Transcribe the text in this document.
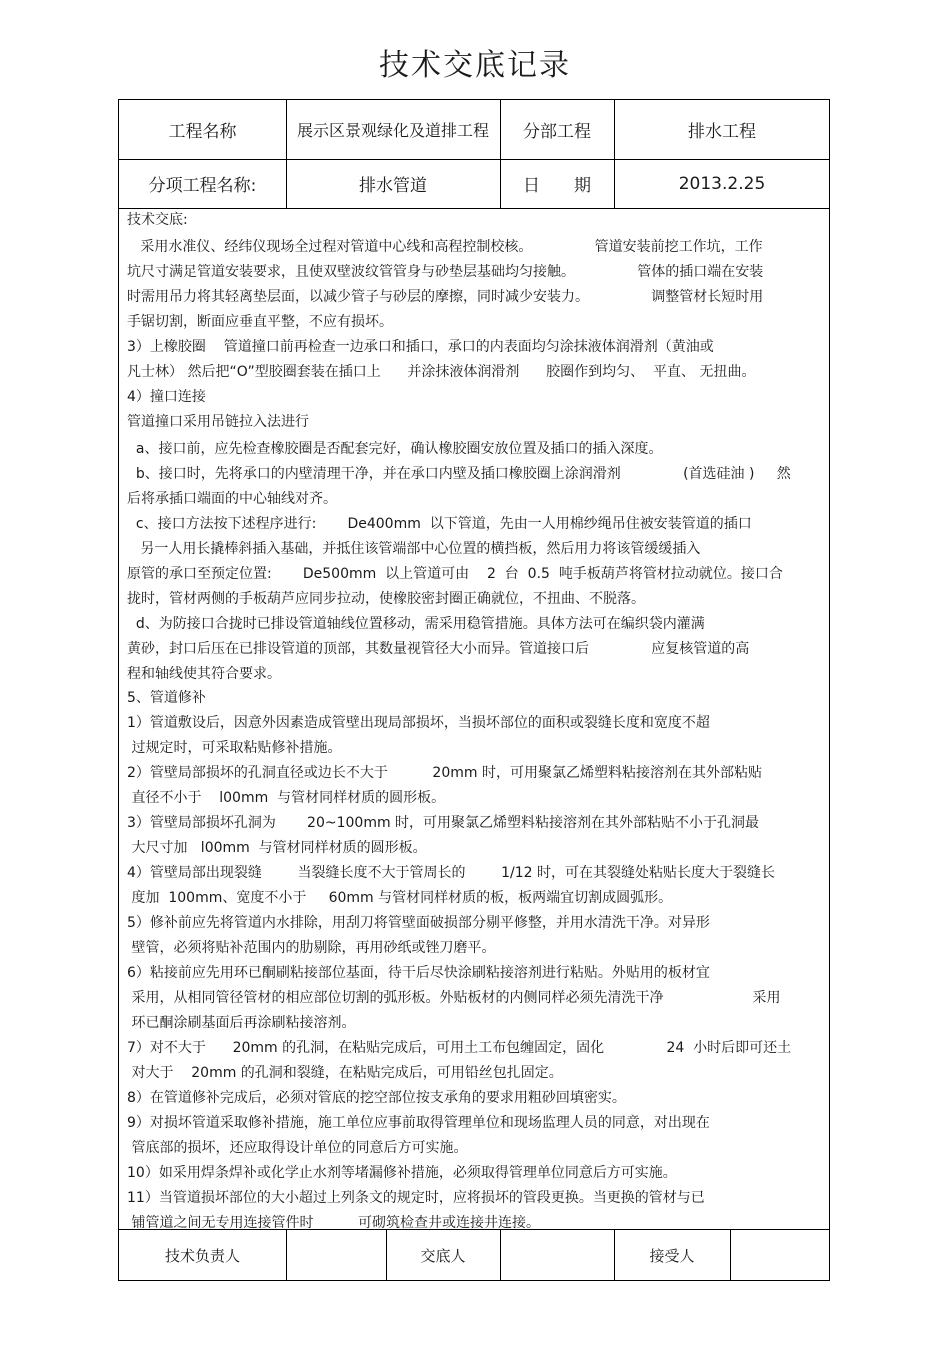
技术交底记录
工程名称	展示区景观绿化及道排工程	分部工程	排水工程
分项工程名称:	排水管道	日　　期	2013.2.25
技术交底:
采用水准仪、经纬仪现场全过程对管道中心线和高程控制校核。              管道安装前挖工作坑，工作
坑尺寸满足管道安装要求，且使双壁波纹管管身与砂垫层基础均匀接触。              管体的插口端在安装
时需用吊力将其轻离垫层面，以减少管子与砂层的摩擦，同时减少安装力。              调整管材长短时用
手锯切割，断面应垂直平整，不应有损坏。
3）上橡胶圈    管道撞口前再检查一边承口和插口，承口的内表面均匀涂抹液体润滑剂（黄油或
凡士林） 然后把“O”型胶圈套装在插口上      并涂抹液体润滑剂      胶圈作到均匀、  平直、 无扭曲。
4）撞口连接
管道撞口采用吊链拉入法进行
a、接口前，应先检查橡胶圈是否配套完好，确认橡胶圈安放位置及插口的插入深度。
b、接口时，先将承口的内壁清理干净，并在承口内壁及插口橡胶圈上涂润滑剂              (首选硅油 )     然
后将承插口端面的中心轴线对齐。
c、接口方法按下述程序进行:       De400mm  以下管道，先由一人用棉纱绳吊住被安装管道的插口
另一人用长撬棒斜插入基础，并抵住该管端部中心位置的横挡板，然后用力将该管缓缓插入
原管的承口至预定位置:       De500mm  以上管道可由    2  台  0.5  吨手板葫芦将管材拉动就位。接口合
拢时，管材两侧的手板葫芦应同步拉动，使橡胶密封圈正确就位，不扭曲、不脱落。
d、为防接口合拢时已排设管道轴线位置移动，需采用稳管措施。具体方法可在编织袋内灌满
黄砂，封口后压在已排设管道的顶部，其数量视管径大小而异。管道接口后              应复核管道的高
程和轴线使其符合要求。
5、管道修补
1）管道敷设后，因意外因素造成管壁出现局部损坏，当损坏部位的面积或裂缝长度和宽度不超
过规定时，可采取粘贴修补措施。
2）管壁局部损坏的孔洞直径或边长不大于          20mm 时，可用聚氯乙烯塑料粘接溶剂在其外部粘贴
直径不小于    l00mm  与管材同样材质的圆形板。
3）管壁局部损坏孔洞为       20~100mm 时，可用聚氯乙烯塑料粘接溶剂在其外部粘贴不小于孔洞最
大尺寸加   l00mm  与管材同样材质的圆形板。
4）管壁局部出现裂缝        当裂缝长度不大于管周长的        1/12 时，可在其裂缝处粘贴长度大于裂缝长
度加  100mm、宽度不小于     60mm 与管材同样材质的板，板两端宜切割成圆弧形。
5）修补前应先将管道内水排除，用刮刀将管壁面破损部分剔平修整，并用水清洗干净。对异形
壁管，必须将贴补范围内的肋剔除，再用砂纸或锉刀磨平。
6）粘接前应先用环已酮刷粘接部位基面，待干后尽快涂刷粘接溶剂进行粘贴。外贴用的板材宜
采用，从相同管径管材的相应部位切割的弧形板。外贴板材的内侧同样必须先清洗干净                    采用
环已酮涂刷基面后再涂刷粘接溶剂。
7）对不大于      20mm 的孔洞，在粘贴完成后，可用土工布包缠固定，固化              24  小时后即可还土
对大于    20mm 的孔洞和裂缝，在粘贴完成后，可用铅丝包扎固定。
8）在管道修补完成后，必须对管底的挖空部位按支承角的要求用粗砂回填密实。
9）对损坏管道采取修补措施，施工单位应事前取得管理单位和现场监理人员的同意，对出现在
管底部的损坏，还应取得设计单位的同意后方可实施。
10）如采用焊条焊补或化学止水剂等堵漏修补措施，必须取得管理单位同意后方可实施。
11）当管道损坏部位的大小超过上列条文的规定时，应将损坏的管段更换。当更换的管材与已
铺管道之间无专用连接管件时          可砌筑检查井或连接井连接。
技术负责人	交底人	接受人
